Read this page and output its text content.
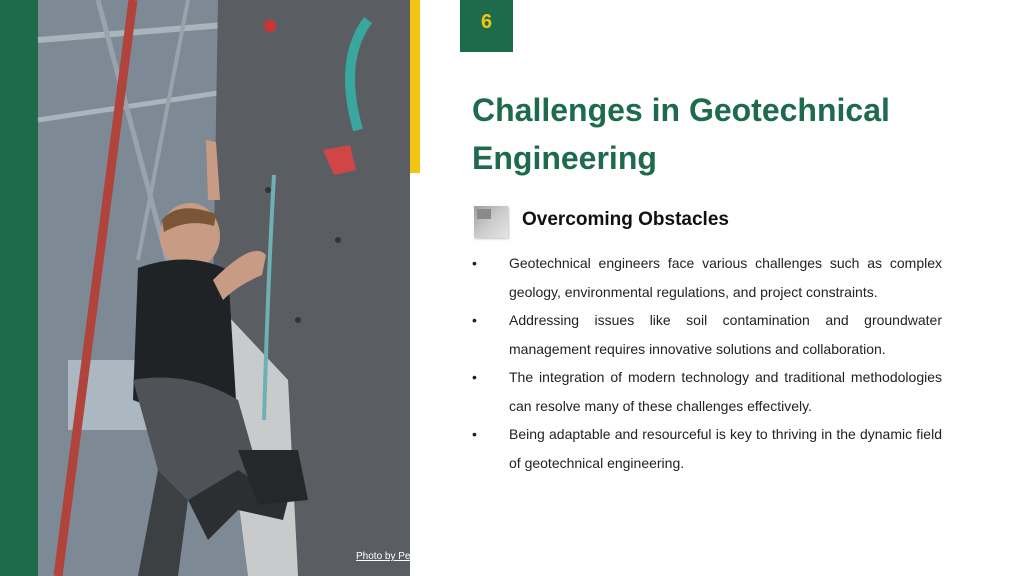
Photo by Pexels
6
Challenges in Geotechnical Engineering
Overcoming Obstacles
• Geotechnical engineers face various challenges such as complex geology, environmental regulations, and project constraints.
• Addressing issues like soil contamination and groundwater management requires innovative solutions and collaboration.
• The integration of modern technology and traditional methodologies can resolve many of these challenges effectively.
• Being adaptable and resourceful is key to thriving in the dynamic field of geotechnical engineering.
